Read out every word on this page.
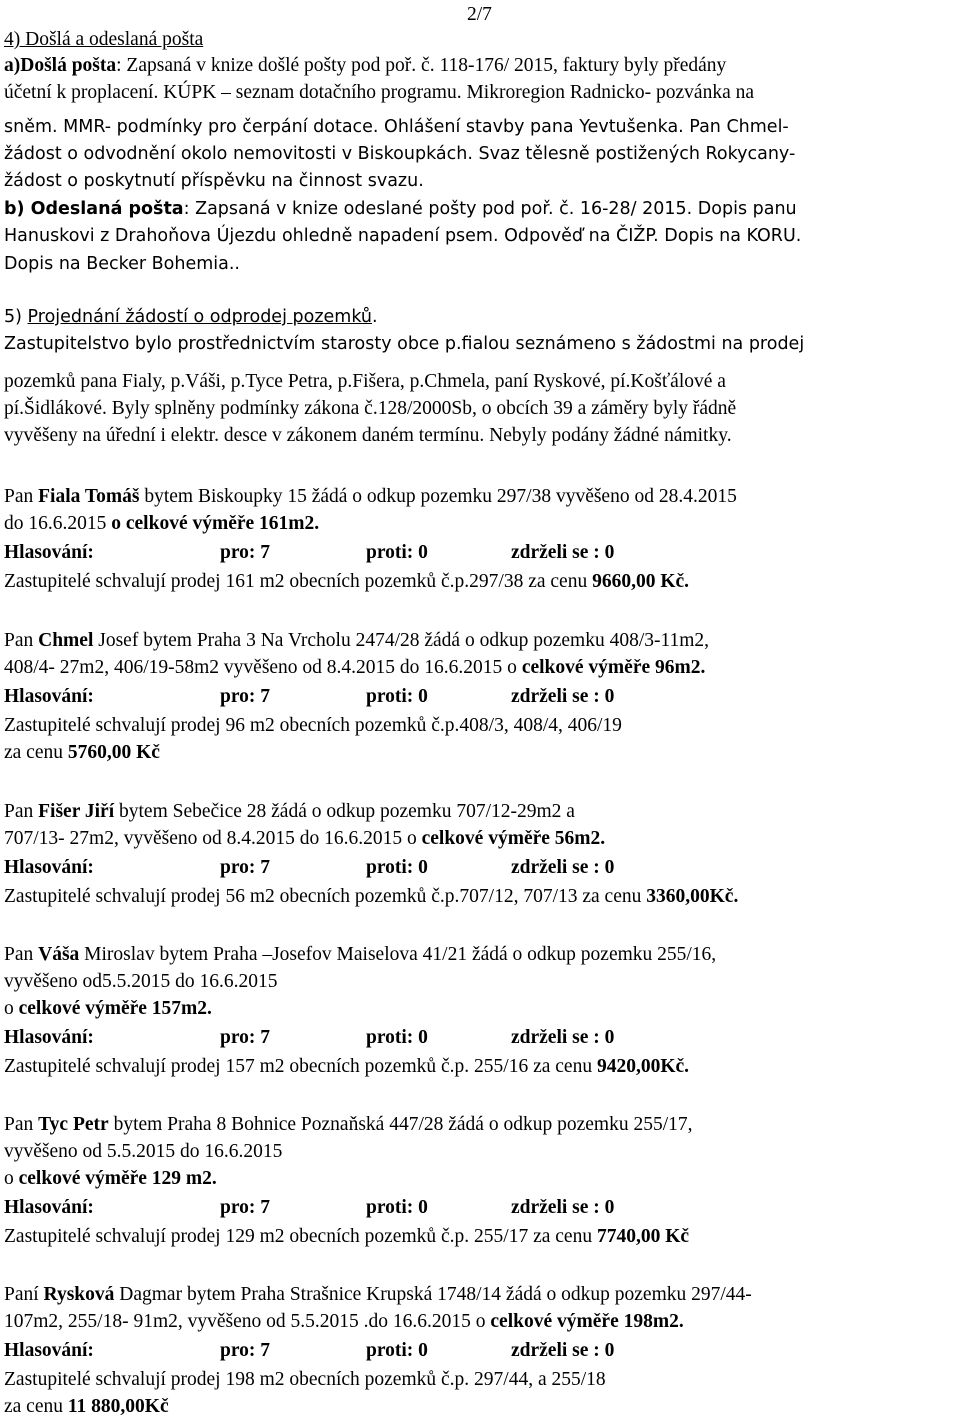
2/7
4) Došlá a odeslaná pošta
a)Došlá pošta: Zapsaná v knize došlé pošty pod poř. č. 118-176/ 2015, faktury byly předány
účetní k proplacení. KÚPK – seznam dotačního programu. Mikroregion Radnicko- pozvánka na
sněm. MMR- podmínky pro čerpání dotace. Ohlášení stavby pana Yevtušenka. Pan Chmel-
žádost o odvodnění okolo nemovitosti v Biskoupkách. Svaz tělesně postižených Rokycany-
žádost o poskytnutí příspěvku na činnost svazu.
b) Odeslaná pošta: Zapsaná v knize odeslané pošty pod poř. č. 16-28/ 2015. Dopis panu
Hanuskovi z Drahoňova Újezdu ohledně napadení psem. Odpověď na ČIŽP. Dopis na KORU.
Dopis na Becker Bohemia..
5) Projednání žádostí o odprodej pozemků.
Zastupitelstvo bylo prostřednictvím starosty obce p.fialou seznámeno s žádostmi na prodej
pozemků pana Fialy, p.Váši, p.Tyce Petra, p.Fišera, p.Chmela, paní Ryskové, pí.Košťálové a
pí.Šidlákové. Byly splněny podmínky zákona č.128/2000Sb, o obcích 39 a záměry byly řádně
vyvěšeny na úřední i elektr. desce v zákonem daném termínu. Nebyly podány žádné námitky.
Pan Fiala Tomáš bytem Biskoupky 15 žádá o odkup pozemku 297/38 vyvěšeno od 28.4.2015
do 16.6.2015 o celkové výměře 161m2.
Hlasování:	pro: 7	proti: 0	zdrželi se : 0
Zastupitelé schvalují prodej 161 m2 obecních pozemků č.p.297/38 za cenu 9660,00 Kč.
Pan Chmel Josef bytem Praha 3 Na Vrcholu 2474/28 žádá o odkup pozemku 408/3-11m2,
408/4- 27m2, 406/19-58m2 vyvěšeno od 8.4.2015 do 16.6.2015 o celkové výměře 96m2.
Hlasování:	pro: 7	proti: 0	zdrželi se : 0
Zastupitelé schvalují prodej 96 m2 obecních pozemků č.p.408/3, 408/4, 406/19
za cenu 5760,00 Kč
Pan Fišer Jiří bytem Sebečice 28 žádá o odkup pozemku 707/12-29m2 a
707/13- 27m2, vyvěšeno od 8.4.2015 do 16.6.2015 o celkové výměře 56m2.
Hlasování:	pro: 7	proti: 0	zdrželi se : 0
Zastupitelé schvalují prodej 56 m2 obecních pozemků č.p.707/12, 707/13 za cenu 3360,00Kč.
Pan Váša Miroslav bytem Praha –Josefov Maiselova 41/21 žádá o odkup pozemku 255/16,
vyvěšeno od5.5.2015 do 16.6.2015
o celkové výměře 157m2.
Hlasování:	pro: 7	proti: 0	zdrželi se : 0
Zastupitelé schvalují prodej 157 m2 obecních pozemků č.p. 255/16 za cenu 9420,00Kč.
Pan Tyc Petr bytem Praha 8 Bohnice Poznaňská 447/28 žádá o odkup pozemku 255/17,
vyvěšeno od 5.5.2015 do 16.6.2015
o celkové výměře 129 m2.
Hlasování:	pro: 7	proti: 0	zdrželi se : 0
Zastupitelé schvalují prodej 129 m2 obecních pozemků č.p. 255/17 za cenu 7740,00 Kč
Paní Rysková Dagmar bytem Praha Strašnice Krupská 1748/14 žádá o odkup pozemku 297/44-
107m2, 255/18- 91m2, vyvěšeno od 5.5.2015 .do 16.6.2015 o celkové výměře 198m2.
Hlasování:	pro: 7	proti: 0	zdrželi se : 0
Zastupitelé schvalují prodej 198 m2 obecních pozemků č.p. 297/44, a 255/18
za cenu 11 880,00Kč
